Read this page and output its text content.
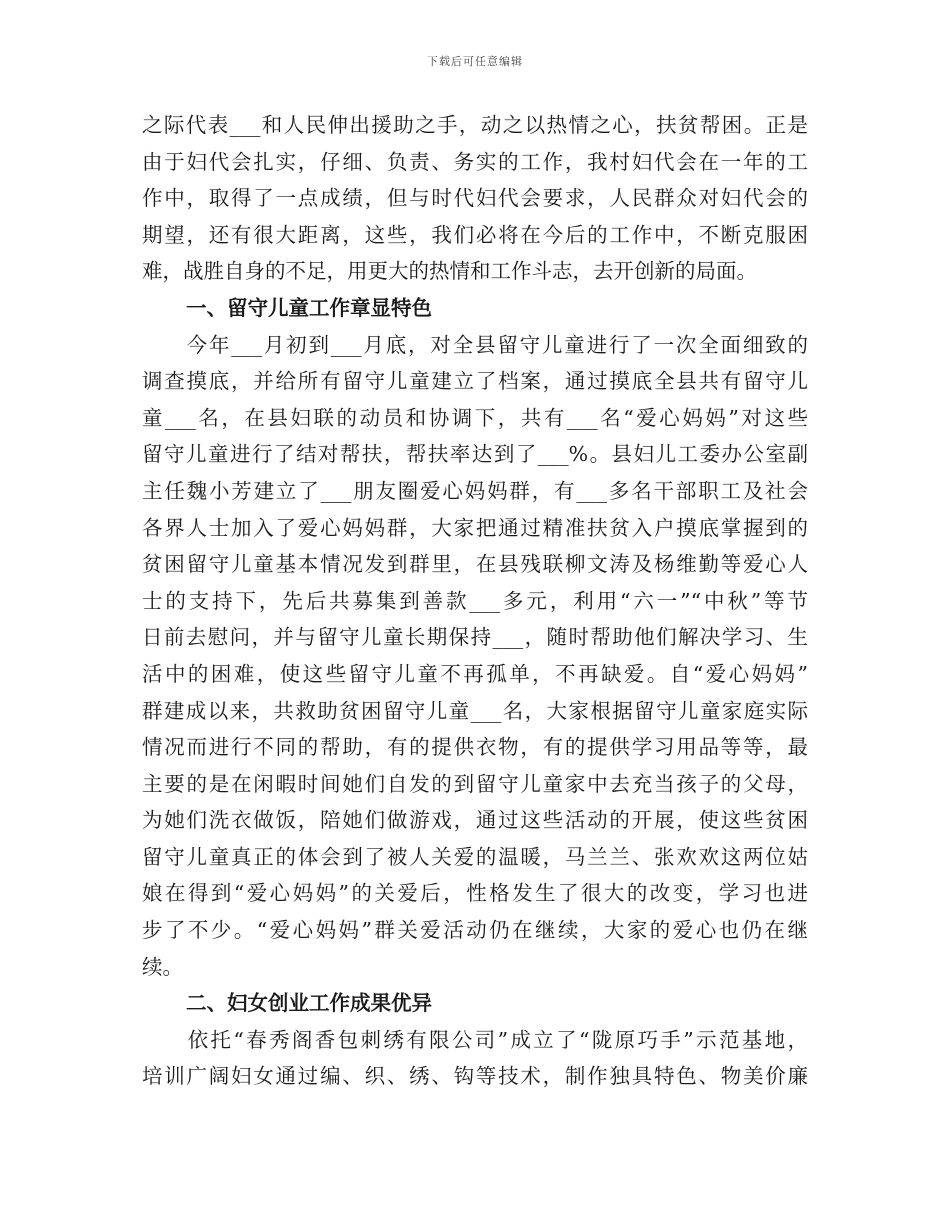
下载后可任意编辑
之际代表___和人民伸出援助之手，动之以热情之心，扶贫帮困。正是
由于妇代会扎实，仔细、负责、务实的工作，我村妇代会在一年的工
作中，取得了一点成绩，但与时代妇代会要求，人民群众对妇代会的
期望，还有很大距离，这些，我们必将在今后的工作中，不断克服困
难，战胜自身的不足，用更大的热情和工作斗志，去开创新的局面。
一、留守儿童工作章显特色
　　今年___月初到___月底，对全县留守儿童进行了一次全面细致的
调查摸底，并给所有留守儿童建立了档案，通过摸底全县共有留守儿
童___名，在县妇联的动员和协调下，共有___名“爱心妈妈”对这些
留守儿童进行了结对帮扶，帮扶率达到了___%。县妇儿工委办公室副
主任魏小芳建立了___朋友圈爱心妈妈群，有___多名干部职工及社会
各界人士加入了爱心妈妈群，大家把通过精准扶贫入户摸底掌握到的
贫困留守儿童基本情况发到群里，在县残联柳文涛及杨维勤等爱心人
士的支持下，先后共募集到善款___多元，利用“六一”“中秋”等节
日前去慰问，并与留守儿童长期保持___，随时帮助他们解决学习、生
活中的困难，使这些留守儿童不再孤单，不再缺爱。自“爱心妈妈”
群建成以来，共救助贫困留守儿童___名，大家根据留守儿童家庭实际
情况而进行不同的帮助，有的提供衣物，有的提供学习用品等等，最
主要的是在闲暇时间她们自发的到留守儿童家中去充当孩子的父母，
为她们洗衣做饭，陪她们做游戏，通过这些活动的开展，使这些贫困
留守儿童真正的体会到了被人关爱的温暖，马兰兰、张欢欢这两位姑
娘在得到“爱心妈妈”的关爱后，性格发生了很大的改变，学习也进
步了不少。“爱心妈妈”群关爱活动仍在继续，大家的爱心也仍在继
续。
二、妇女创业工作成果优异
　　依托“春秀阁香包刺绣有限公司”成立了“陇原巧手”示范基地，
培训广阔妇女通过编、织、绣、钩等技术，制作独具特色、物美价廉
